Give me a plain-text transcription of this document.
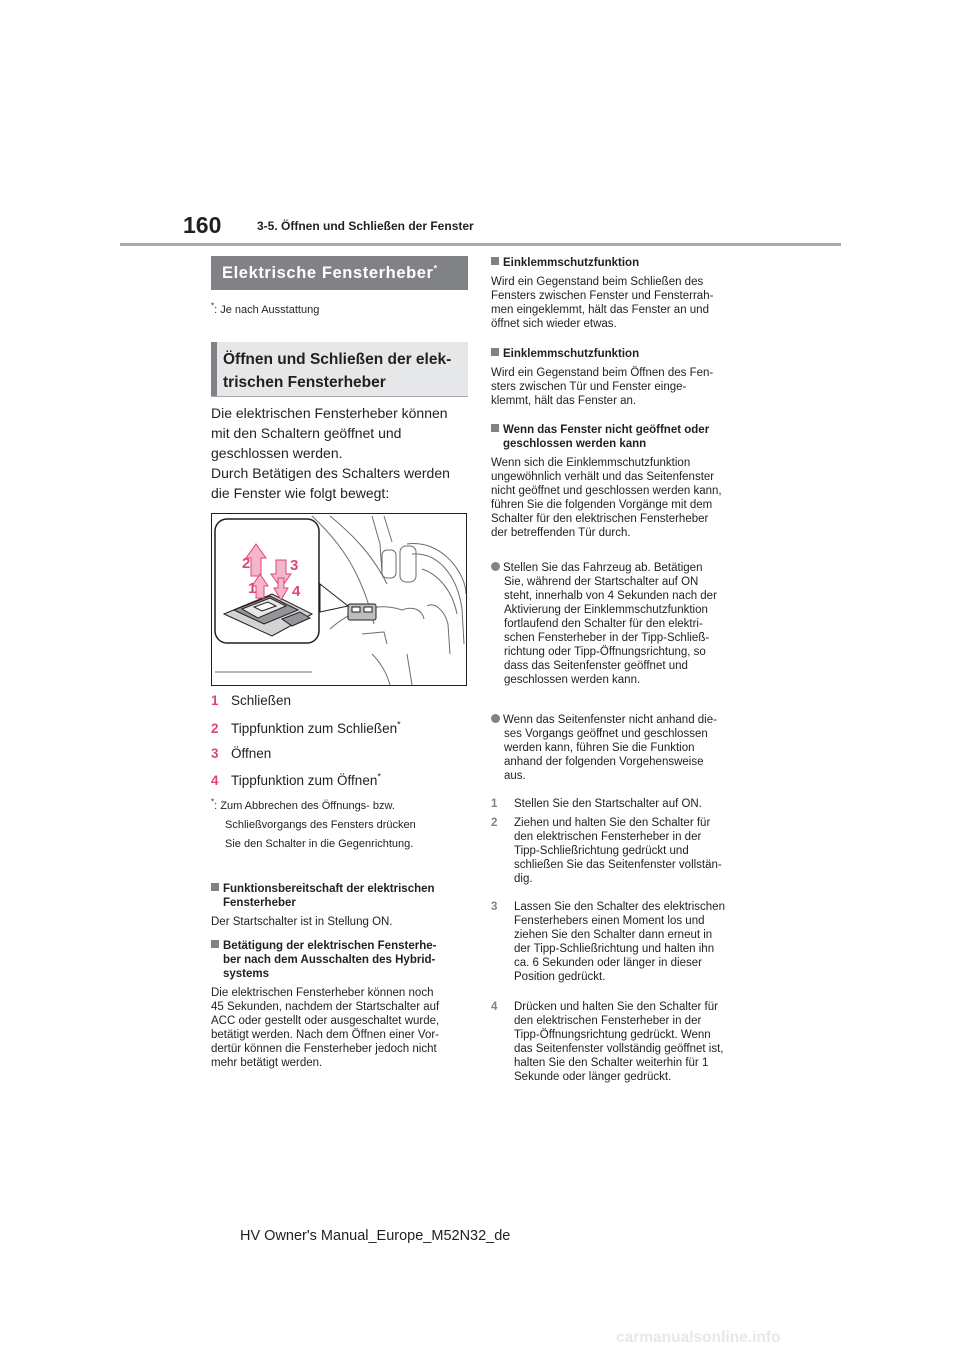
160	3-5. Öffnen und Schließen der Fenster
Elektrische Fensterheber*
*: Je nach Ausstattung
Öffnen und Schließen der elek-
trischen Fensterheber
Die elektrischen Fensterheber können
mit den Schaltern geöffnet und
geschlossen werden.
Durch Betätigen des Schalters werden
die Fenster wie folgt bewegt:
2	3
1 4
1 Schließen
2 Tippfunktion zum Schließen*
3 Öffnen
4 Tippfunktion zum Öffnen*
*: Zum Abbrechen des Öffnungs- bzw.
Schließvorgangs des Fensters drücken
Sie den Schalter in die Gegenrichtung.
Funktionsbereitschaft der elektrischen
Fensterheber
Der Startschalter ist in Stellung ON.
Betätigung der elektrischen Fensterhe-
ber nach dem Ausschalten des Hybrid-
systems
Die elektrischen Fensterheber können noch
45 Sekunden, nachdem der Startschalter auf
ACC oder gestellt oder ausgeschaltet wurde,
betätigt werden. Nach dem Öffnen einer Vor-
dertür können die Fensterheber jedoch nicht
mehr betätigt werden.
Einklemmschutzfunktion
Wird ein Gegenstand beim Schließen des
Fensters zwischen Fenster und Fensterrah-
men eingeklemmt, hält das Fenster an und
öffnet sich wieder etwas.
Einklemmschutzfunktion
Wird ein Gegenstand beim Öffnen des Fen-
sters zwischen Tür und Fenster einge-
klemmt, hält das Fenster an.
Wenn das Fenster nicht geöffnet oder
geschlossen werden kann
Wenn sich die Einklemmschutzfunktion
ungewöhnlich verhält und das Seitenfenster
nicht geöffnet und geschlossen werden kann,
führen Sie die folgenden Vorgänge mit dem
Schalter für den elektrischen Fensterheber
der betreffenden Tür durch.
Stellen Sie das Fahrzeug ab. Betätigen
Sie, während der Startschalter auf ON
steht, innerhalb von 4 Sekunden nach der
Aktivierung der Einklemmschutzfunktion
fortlaufend den Schalter für den elektri-
schen Fensterheber in der Tipp-Schließ-
richtung oder Tipp-Öffnungsrichtung, so
dass das Seitenfenster geöffnet und
geschlossen werden kann.
Wenn das Seitenfenster nicht anhand die-
ses Vorgangs geöffnet und geschlossen
werden kann, führen Sie die Funktion
anhand der folgenden Vorgehensweise
aus.
1 Stellen Sie den Startschalter auf ON.
2 Ziehen und halten Sie den Schalter für
den elektrischen Fensterheber in der
Tipp-Schließrichtung gedrückt und
schließen Sie das Seitenfenster vollstän-
dig.
3 Lassen Sie den Schalter des elektrischen
Fensterhebers einen Moment los und
ziehen Sie den Schalter dann erneut in
der Tipp-Schließrichtung und halten ihn
ca. 6 Sekunden oder länger in dieser
Position gedrückt.
4 Drücken und halten Sie den Schalter für
den elektrischen Fensterheber in der
Tipp-Öffnungsrichtung gedrückt. Wenn
das Seitenfenster vollständig geöffnet ist,
halten Sie den Schalter weiterhin für 1
Sekunde oder länger gedrückt.
HV Owner's Manual_Europe_M52N32_de
carmanualsonline.info
